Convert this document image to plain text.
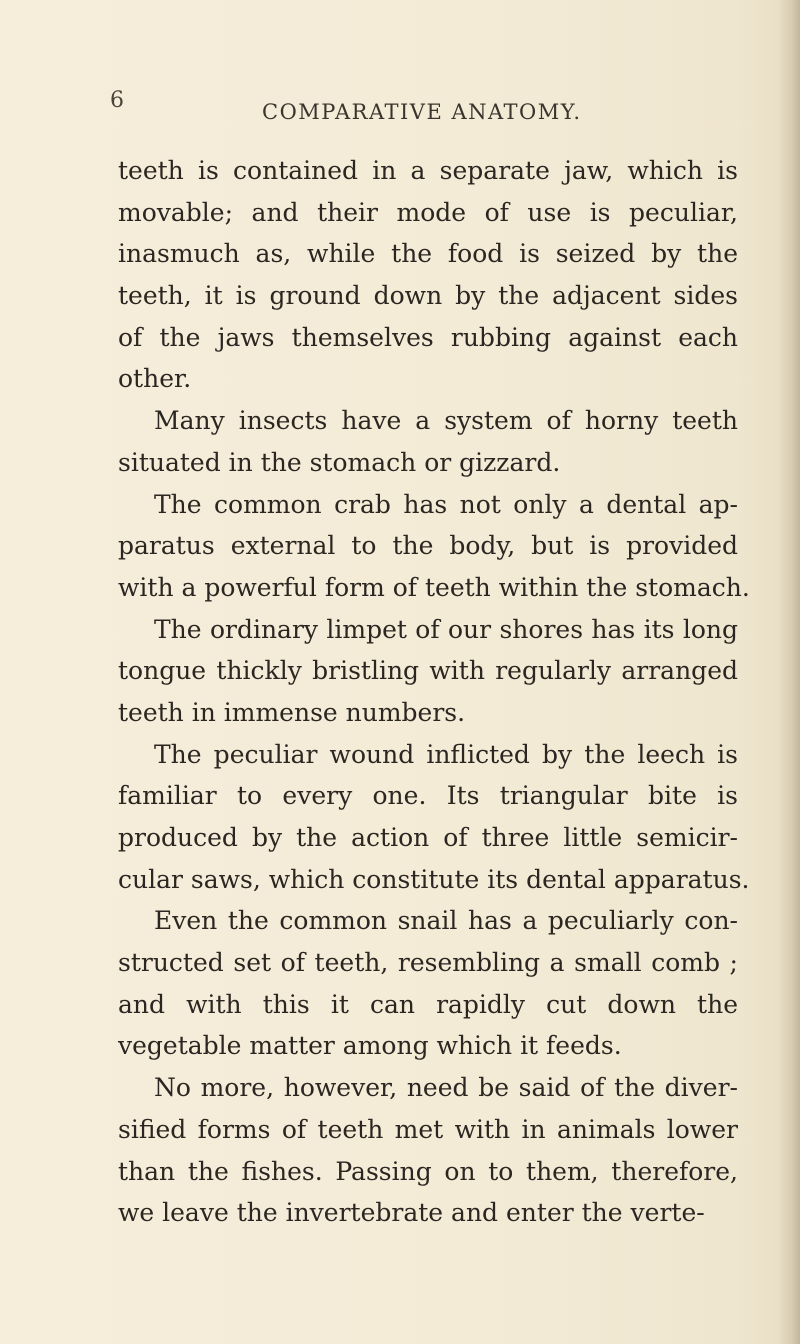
6	COMPARATIVE ANATOMY.
teeth is contained in a separate jaw, which is
movable; and their mode of use is peculiar,
inasmuch as, while the food is seized by the
teeth, it is ground down by the adjacent sides
of the jaws themselves rubbing against each
other.
Many insects have a system of horny teeth
situated in the stomach or gizzard.
The common crab has not only a dental ap-
paratus external to the body, but is provided
with a powerful form of teeth within the stomach.
The ordinary limpet of our shores has its long
tongue thickly bristling with regularly arranged
teeth in immense numbers.
The peculiar wound inflicted by the leech is
familiar to every one. Its triangular bite is
produced by the action of three little semicir-
cular saws, which constitute its dental apparatus.
Even the common snail has a peculiarly con-
structed set of teeth, resembling a small comb ;
and with this it can rapidly cut down the
vegetable matter among which it feeds.
No more, however, need be said of the diver-
sified forms of teeth met with in animals lower
than the fishes. Passing on to them, therefore,
we leave the invertebrate and enter the verte-
